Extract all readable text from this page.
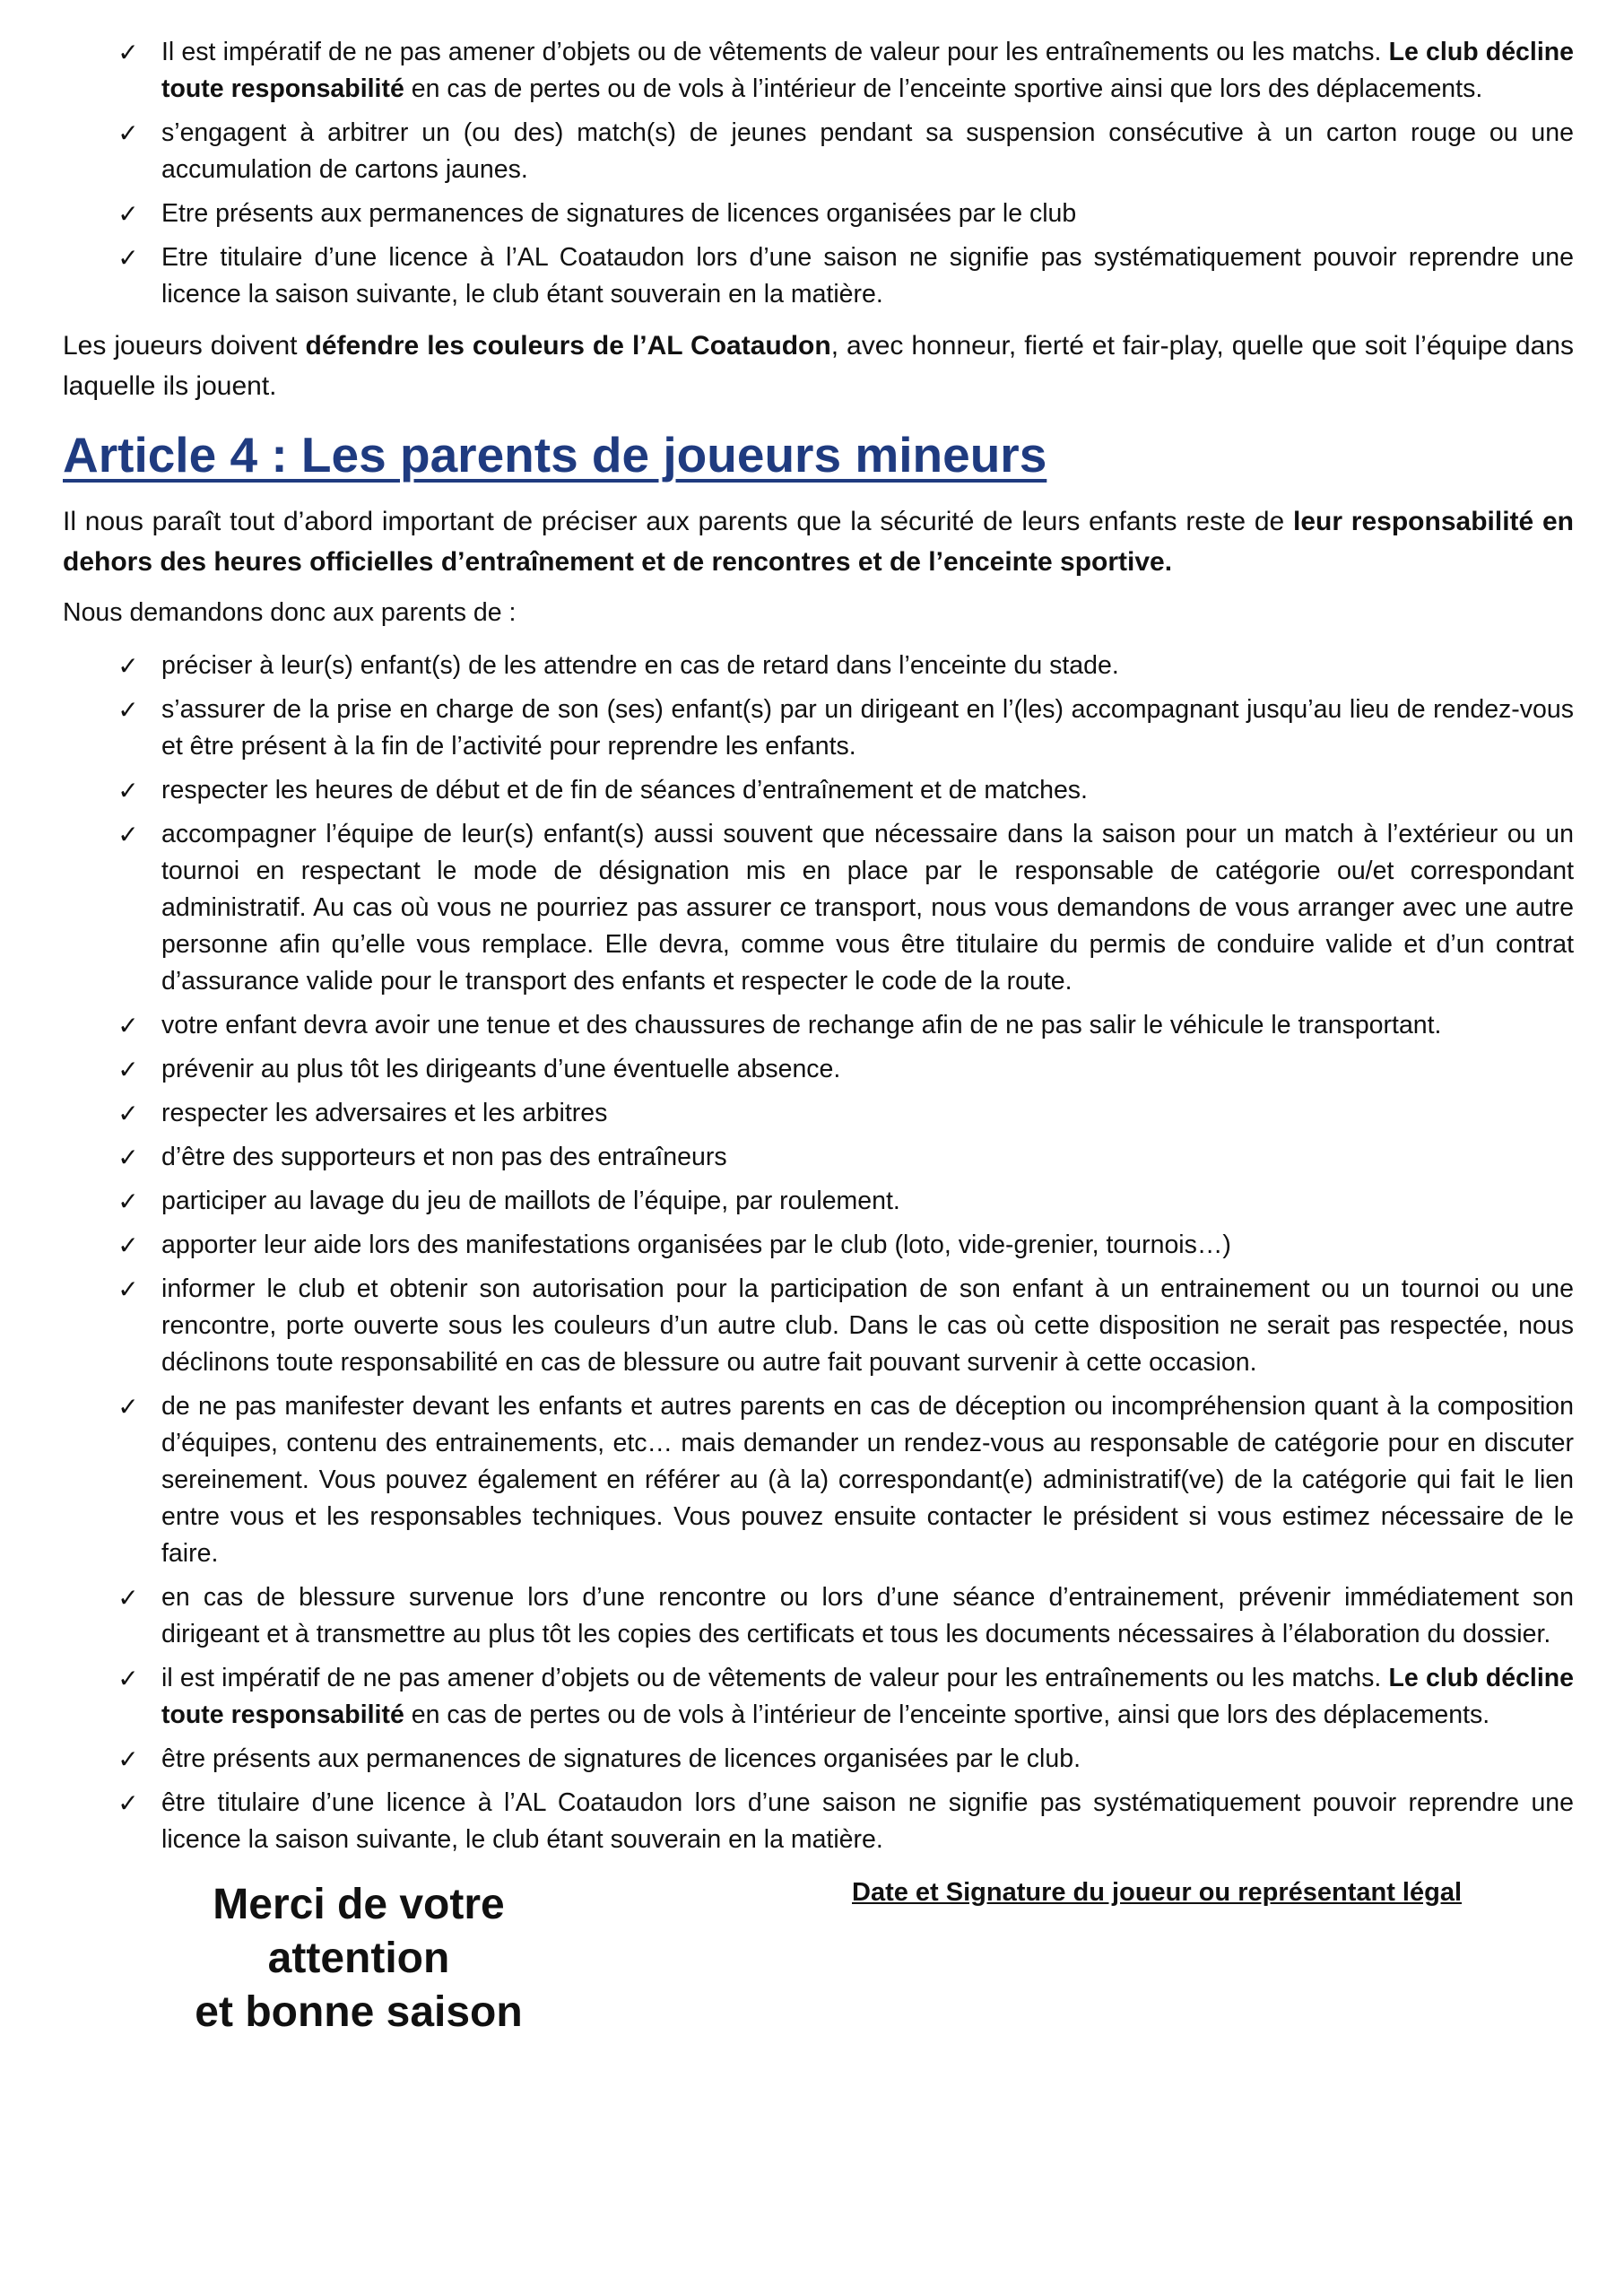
✓ Il est impératif de ne pas amener d’objets ou de vêtements de valeur pour les entraînements ou les matchs. Le club décline toute responsabilité en cas de pertes ou de vols à l’intérieur de l’enceinte sportive ainsi que lors des déplacements.
✓ s’engagent à arbitrer un (ou des) match(s) de jeunes pendant sa suspension consécutive à un carton rouge ou une accumulation de cartons jaunes.
✓ Etre présents aux permanences de signatures de licences organisées par le club
✓ Etre titulaire d’une licence à l’AL Coataudon lors d’une saison ne signifie pas systématiquement pouvoir reprendre une licence la saison suivante, le club étant souverain en la matière.

Les joueurs doivent défendre les couleurs de l’AL Coataudon, avec honneur, fierté et fair-play, quelle que soit l’équipe dans laquelle ils jouent.

Article 4 : Les parents de joueurs mineurs

Il nous paraît tout d’abord important de préciser aux parents que la sécurité de leurs enfants reste de leur responsabilité en dehors des heures officielles d’entraînement et de rencontres et de l’enceinte sportive.

Nous demandons donc aux parents de :

✓ préciser à leur(s) enfant(s) de les attendre en cas de retard dans l’enceinte du stade.
✓ s’assurer de la prise en charge de son (ses) enfant(s) par un dirigeant en l’(les) accompagnant jusqu’au lieu de rendez-vous et être présent à la fin de l’activité pour reprendre les enfants.
✓ respecter les heures de début et de fin de séances d’entraînement et de matches.
✓ accompagner l’équipe de leur(s) enfant(s) aussi souvent que nécessaire dans la saison pour un match à l’extérieur ou un tournoi en respectant le mode de désignation mis en place par le responsable de catégorie ou/et correspondant administratif. Au cas où vous ne pourriez pas assurer ce transport, nous vous demandons de vous arranger avec une autre personne afin qu’elle vous remplace. Elle devra, comme vous être titulaire du permis de conduire valide et d’un contrat d’assurance valide pour le transport des enfants et respecter le code de la route.
✓ votre enfant devra avoir une tenue et des chaussures de rechange afin de ne pas salir le véhicule le transportant.
✓ prévenir au plus tôt les dirigeants d’une éventuelle absence.
✓ respecter les adversaires et les arbitres
✓ d’être des supporteurs et non pas des entraîneurs
✓ participer au lavage du jeu de maillots de l’équipe, par roulement.
✓ apporter leur aide lors des manifestations organisées par le club (loto, vide-grenier, tournois…)
✓ informer le club et obtenir son autorisation pour la participation de son enfant à un entrainement ou un tournoi ou une rencontre, porte ouverte sous les couleurs d’un autre club. Dans le cas où cette disposition ne serait pas respectée, nous déclinons toute responsabilité en cas de blessure ou autre fait pouvant survenir à cette occasion.
✓ de ne pas manifester devant les enfants et autres parents en cas de déception ou incompréhension quant à la composition d’équipes, contenu des entrainements, etc… mais demander un rendez-vous au responsable de catégorie pour en discuter sereinement. Vous pouvez également en référer au (à la) correspondant(e) administratif(ve) de la catégorie qui fait le lien entre vous et les responsables techniques. Vous pouvez ensuite contacter le président si vous estimez nécessaire de le faire.
✓ en cas de blessure survenue lors d’une rencontre ou lors d’une séance d’entrainement, prévenir immédiatement son dirigeant et à transmettre au plus tôt les copies des certificats et tous les documents nécessaires à l’élaboration du dossier.
✓ il est impératif de ne pas amener d’objets ou de vêtements de valeur pour les entraînements ou les matchs. Le club décline toute responsabilité en cas de pertes ou de vols à l’intérieur de l’enceinte sportive, ainsi que lors des déplacements.
✓ être présents aux permanences de signatures de licences organisées par le club.
✓ être titulaire d’une licence à l’AL Coataudon lors d’une saison ne signifie pas systématiquement pouvoir reprendre une licence la saison suivante, le club étant souverain en la matière.
Merci de votre attention
et bonne saison
Date et Signature du joueur ou représentant légal
